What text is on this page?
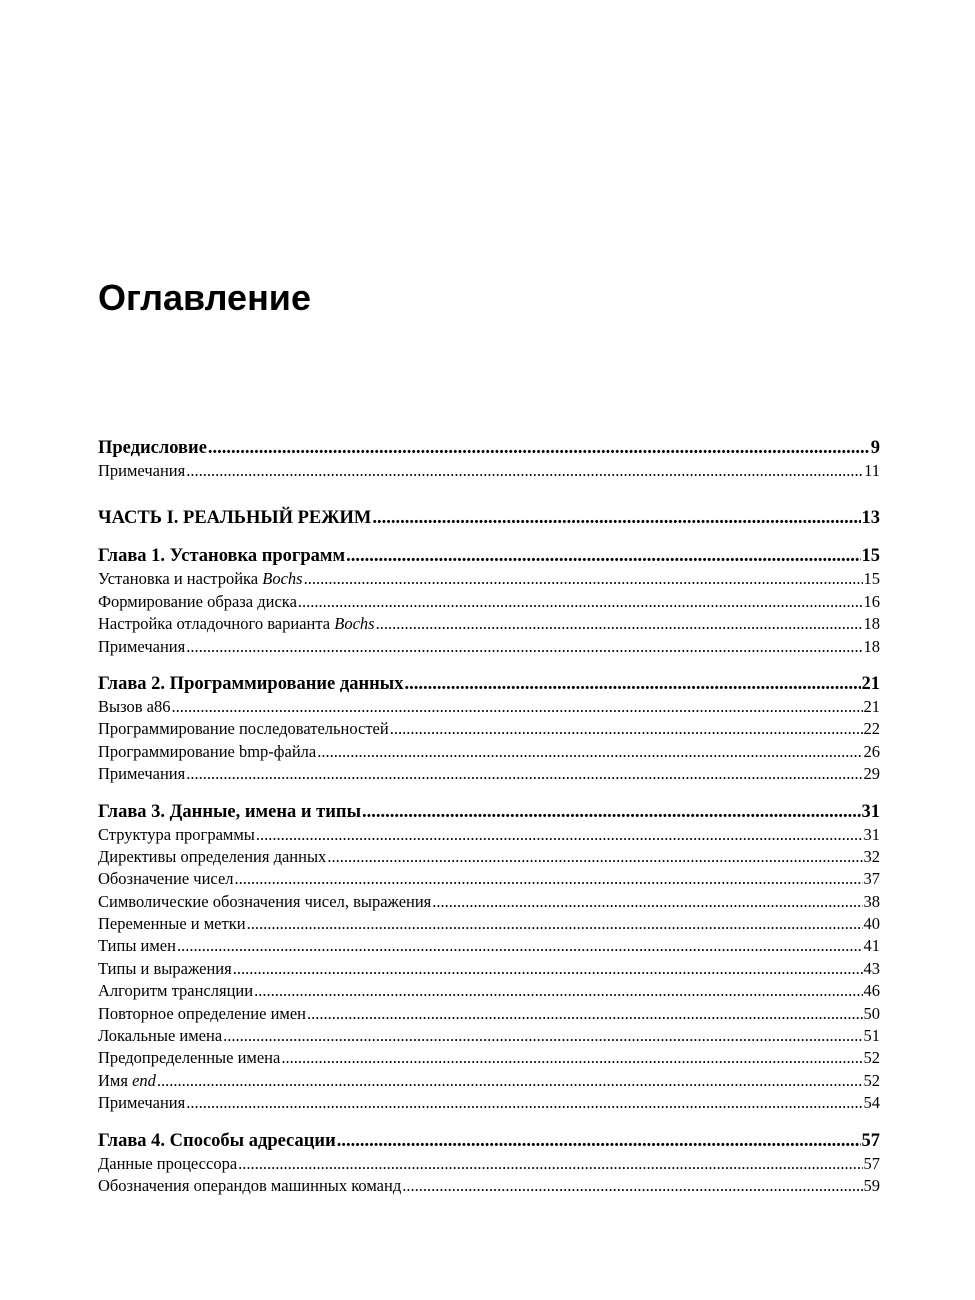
Оглавление
Предисловие .....	9
Примечания .....	11
ЧАСТЬ I. РЕАЛЬНЫЙ РЕЖИМ .....	13
Глава 1. Установка программ .....	15
Установка и настройка Bochs .....	15
Формирование образа диска .....	16
Настройка отладочного варианта Bochs .....	18
Примечания .....	18
Глава 2. Программирование данных .....	21
Вызов a86 .....	21
Программирование последовательностей .....	22
Программирование bmp-файла .....	26
Примечания .....	29
Глава 3. Данные, имена и типы .....	31
Структура программы .....	31
Директивы определения данных .....	32
Обозначение чисел .....	37
Символические обозначения чисел, выражения .....	38
Переменные и метки .....	40
Типы имен .....	41
Типы и выражения .....	43
Алгоритм трансляции .....	46
Повторное определение имен .....	50
Локальные имена .....	51
Предопределенные имена .....	52
Имя end .....	52
Примечания .....	54
Глава 4. Способы адресации .....	57
Данные процессора .....	57
Обозначения операндов машинных команд .....	59
